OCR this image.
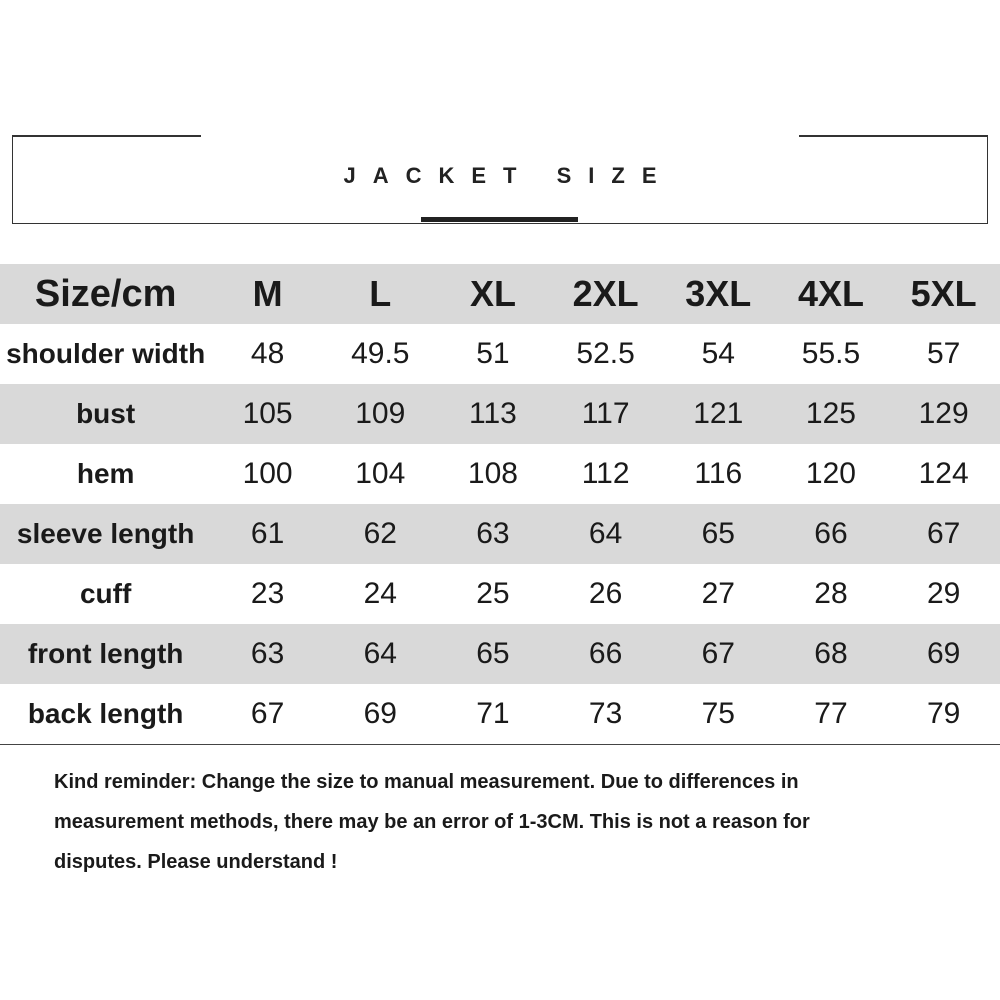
JACKET SIZE
Size/cm	M	L	XL	2XL	3XL	4XL	5XL
shoulder width	48	49.5	51	52.5	54	55.5	57
bust	105	109	113	117	121	125	129
hem	100	104	108	112	116	120	124
sleeve length	61	62	63	64	65	66	67
cuff	23	24	25	26	27	28	29
front length	63	64	65	66	67	68	69
back length	67	69	71	73	75	77	79
Kind reminder: Change the size to manual measurement. Due to differences in
measurement methods, there may be an error of 1-3CM. This is not a reason for
disputes. Please understand !
